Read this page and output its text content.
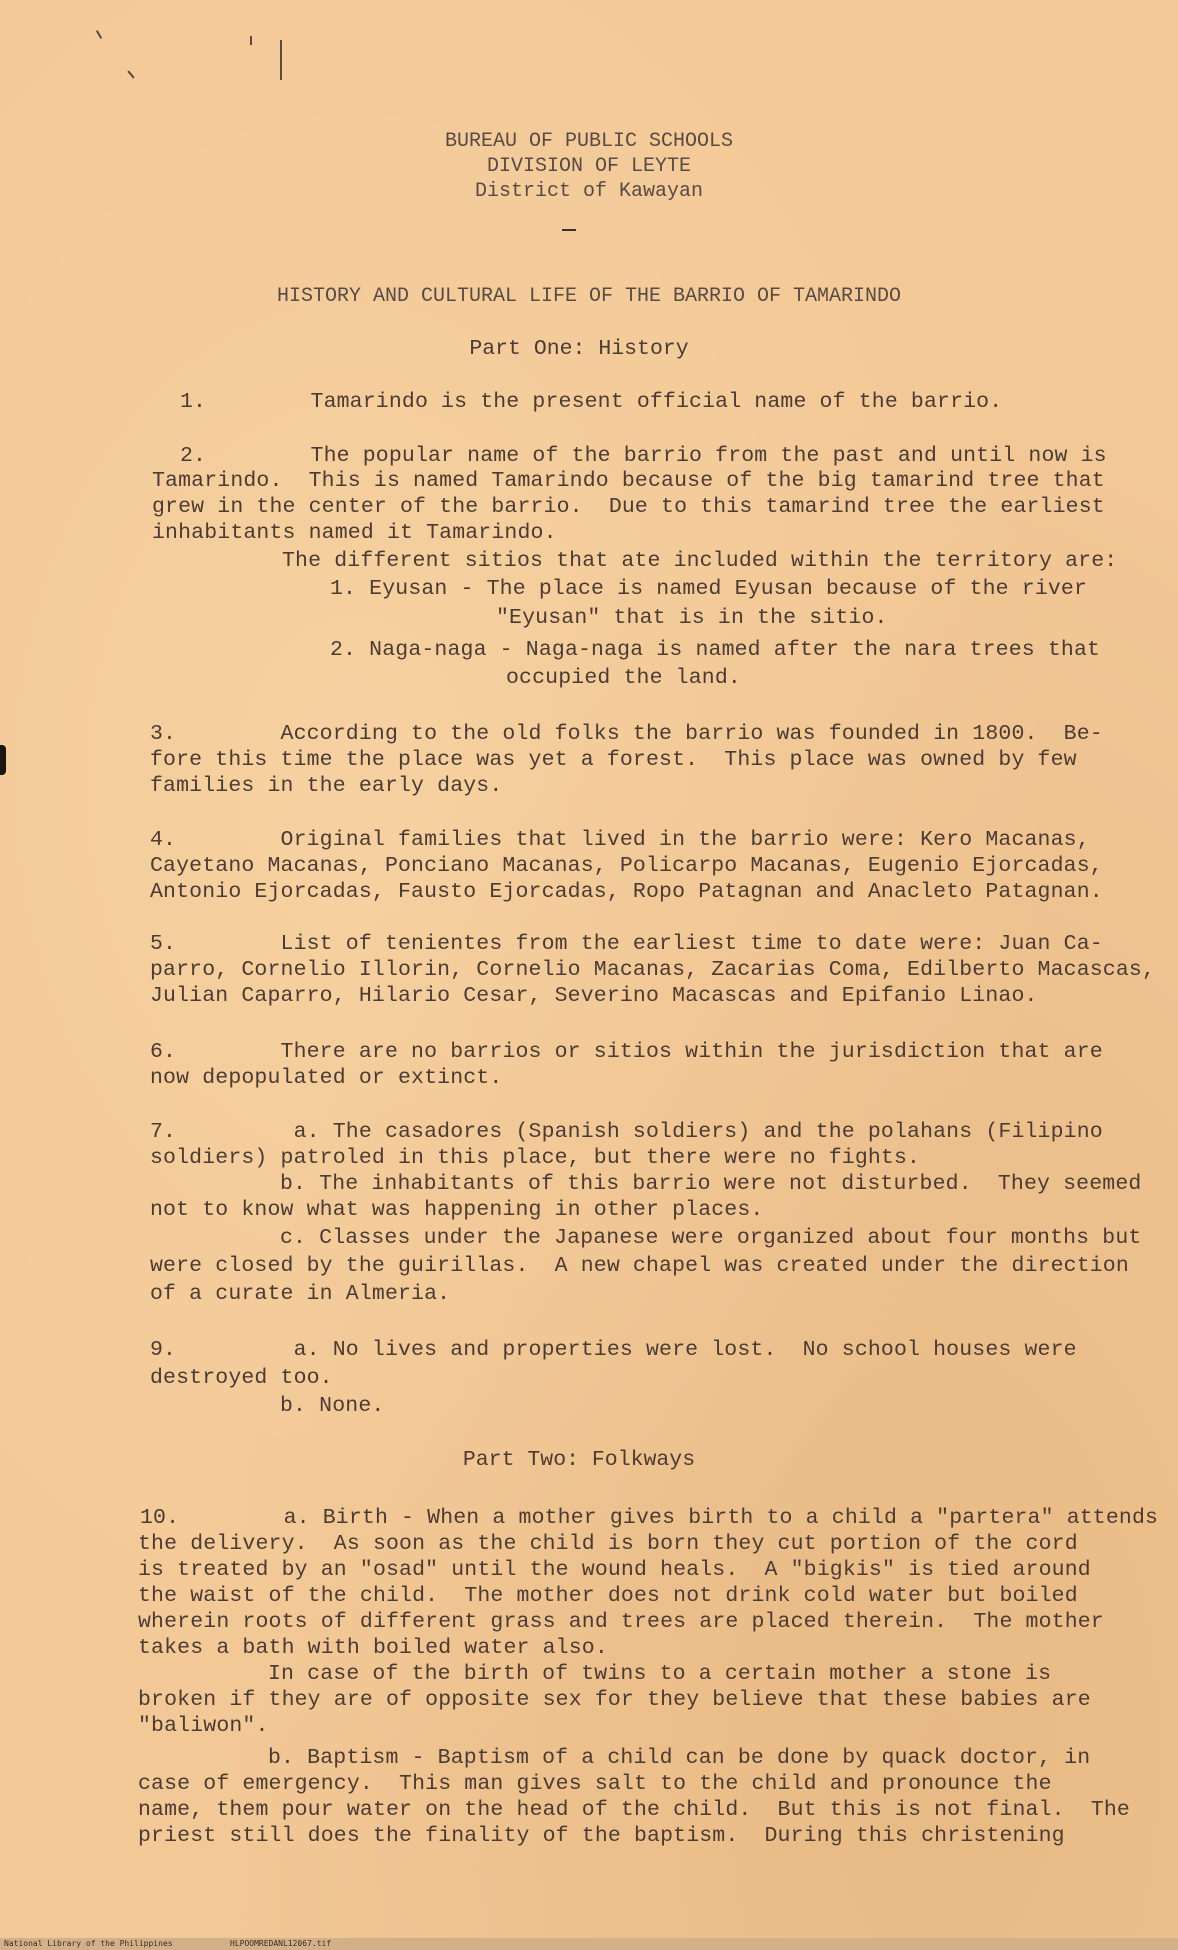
BUREAU OF PUBLIC SCHOOLS
DIVISION OF LEYTE
District of Kawayan
HISTORY AND CULTURAL LIFE OF THE BARRIO OF TAMARINDO
Part One: History
1.        Tamarindo is the present official name of the barrio.
2.        The popular name of the barrio from the past and until now is
Tamarindo.  This is named Tamarindo because of the big tamarind tree that
grew in the center of the barrio.  Due to this tamarind tree the earliest
inhabitants named it Tamarindo.
The different sitios that ate included within the territory are:
1. Eyusan - The place is named Eyusan because of the river
"Eyusan" that is in the sitio.
2. Naga-naga - Naga-naga is named after the nara trees that
occupied the land.
3.        According to the old folks the barrio was founded in 1800.  Be-
fore this time the place was yet a forest.  This place was owned by few
families in the early days.
4.        Original families that lived in the barrio were: Kero Macanas,
Cayetano Macanas, Ponciano Macanas, Policarpo Macanas, Eugenio Ejorcadas,
Antonio Ejorcadas, Fausto Ejorcadas, Ropo Patagnan and Anacleto Patagnan.
5.        List of tenientes from the earliest time to date were: Juan Ca-
parro, Cornelio Illorin, Cornelio Macanas, Zacarias Coma, Edilberto Macascas,
Julian Caparro, Hilario Cesar, Severino Macascas and Epifanio Linao.
6.        There are no barrios or sitios within the jurisdiction that are
now depopulated or extinct.
7.         a. The casadores (Spanish soldiers) and the polahans (Filipino
soldiers) patroled in this place, but there were no fights.
b. The inhabitants of this barrio were not disturbed.  They seemed
not to know what was happening in other places.
c. Classes under the Japanese were organized about four months but
were closed by the guirillas.  A new chapel was created under the direction
of a curate in Almeria.
9.         a. No lives and properties were lost.  No school houses were
destroyed too.
b. None.
Part Two: Folkways
10.        a. Birth - When a mother gives birth to a child a "partera" attends
the delivery.  As soon as the child is born they cut portion of the cord
is treated by an "osad" until the wound heals.  A "bigkis" is tied around
the waist of the child.  The mother does not drink cold water but boiled
wherein roots of different grass and trees are placed therein.  The mother
takes a bath with boiled water also.
In case of the birth of twins to a certain mother a stone is
broken if they are of opposite sex for they believe that these babies are
"baliwon".
b. Baptism - Baptism of a child can be done by quack doctor, in
case of emergency.  This man gives salt to the child and pronounce the
name, them pour water on the head of the child.  But this is not final.  The
priest still does the finality of the baptism.  During this christening
National Library of the Philippines	HLPOOMREDANL12067.tif
